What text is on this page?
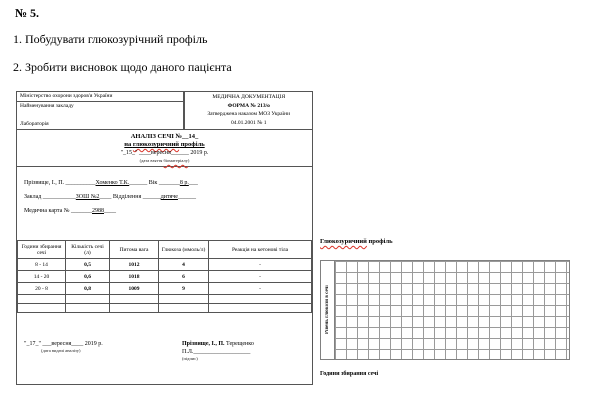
№ 5.
1. Побудувати глюкозурічний профіль
2. Зробити висновок щодо даного пацієнта
Міністерство охорони здоров'я України
Найменування закладу
Лабораторія
МЕДИЧНА ДОКУМЕНТАЦІЯ
ФОРМА № 213/о
Затверджена наказом МОЗ України
04.01.2001 № 1
АНАЛІЗ СЕЧІ №__14_
на глюкозуричний профіль
"_15_" ____вересня______ 2019 р.
(дата взяття біоматеріалу)
Прізвище, І., П. __________Хоменко Т.К.______ Вік _______8 р.___
Заклад ___________ЗОШ №2____ Відділення ______дитяче______
Медична карта № _______2988____
Години збирання сечі	Кількість сечі (л)	Питома вага	Глюкоза (ммоль/л)	Реакція на кетонові тіла
8 - 14	0,5	1012	4	-
14 - 20	0,6	1018	6	-
20 - 8	0,8	1009	9	-

"_17_" ___вересня____ 2019 р.
(дата видачі аналізу)
Прізвище, І., П. Терещенко
П.Л.___________________
(підпис)
Глюкозуричний профіль
Рівень глюкози в сечі
Години збирання сечі
